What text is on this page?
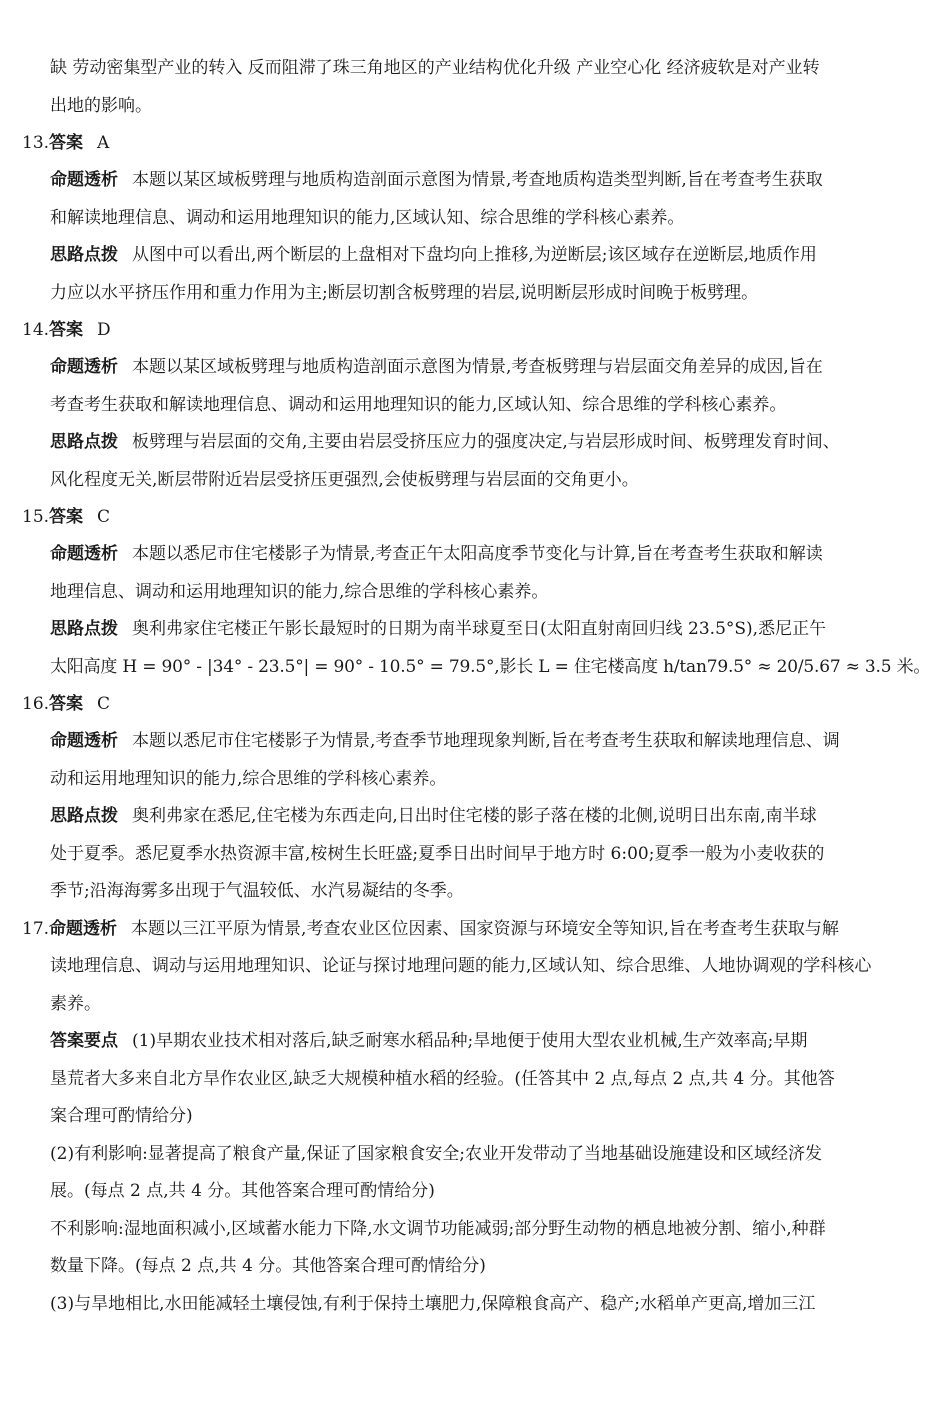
缺 劳动密集型产业的转入 反而阻滞了珠三角地区的产业结构优化升级 产业空心化 经济疲软是对产业转
出地的影响。
13.答案 A
命题透析 本题以某区域板劈理与地质构造剖面示意图为情景,考查地质构造类型判断,旨在考查考生获取
和解读地理信息、调动和运用地理知识的能力,区域认知、综合思维的学科核心素养。
思路点拨 从图中可以看出,两个断层的上盘相对下盘均向上推移,为逆断层;该区域存在逆断层,地质作用
力应以水平挤压作用和重力作用为主;断层切割含板劈理的岩层,说明断层形成时间晚于板劈理。
14.答案 D
命题透析 本题以某区域板劈理与地质构造剖面示意图为情景,考查板劈理与岩层面交角差异的成因,旨在
考查考生获取和解读地理信息、调动和运用地理知识的能力,区域认知、综合思维的学科核心素养。
思路点拨 板劈理与岩层面的交角,主要由岩层受挤压应力的强度决定,与岩层形成时间、板劈理发育时间、
风化程度无关,断层带附近岩层受挤压更强烈,会使板劈理与岩层面的交角更小。
15.答案 C
命题透析 本题以悉尼市住宅楼影子为情景,考查正午太阳高度季节变化与计算,旨在考查考生获取和解读
地理信息、调动和运用地理知识的能力,综合思维的学科核心素养。
思路点拨 奥利弗家住宅楼正午影长最短时的日期为南半球夏至日(太阳直射南回归线 23.5°S),悉尼正午
太阳高度 H = 90° - |34° - 23.5°| = 90° - 10.5° = 79.5°,影长 L = 住宅楼高度 h/tan79.5° ≈ 20/5.67 ≈ 3.5 米。
16.答案 C
命题透析 本题以悉尼市住宅楼影子为情景,考查季节地理现象判断,旨在考查考生获取和解读地理信息、调
动和运用地理知识的能力,综合思维的学科核心素养。
思路点拨 奥利弗家在悉尼,住宅楼为东西走向,日出时住宅楼的影子落在楼的北侧,说明日出东南,南半球
处于夏季。悉尼夏季水热资源丰富,桉树生长旺盛;夏季日出时间早于地方时 6:00;夏季一般为小麦收获的
季节;沿海海雾多出现于气温较低、水汽易凝结的冬季。
17.命题透析 本题以三江平原为情景,考查农业区位因素、国家资源与环境安全等知识,旨在考查考生获取与解
读地理信息、调动与运用地理知识、论证与探讨地理问题的能力,区域认知、综合思维、人地协调观的学科核心
素养。
答案要点 (1)早期农业技术相对落后,缺乏耐寒水稻品种;旱地便于使用大型农业机械,生产效率高;早期
垦荒者大多来自北方旱作农业区,缺乏大规模种植水稻的经验。(任答其中 2 点,每点 2 点,共 4 分。其他答
案合理可酌情给分)
(2)有利影响:显著提高了粮食产量,保证了国家粮食安全;农业开发带动了当地基础设施建设和区域经济发
展。(每点 2 点,共 4 分。其他答案合理可酌情给分)
不利影响:湿地面积减小,区域蓄水能力下降,水文调节功能减弱;部分野生动物的栖息地被分割、缩小,种群
数量下降。(每点 2 点,共 4 分。其他答案合理可酌情给分)
(3)与旱地相比,水田能减轻土壤侵蚀,有利于保持土壤肥力,保障粮食高产、稳产;水稻单产更高,增加三江
